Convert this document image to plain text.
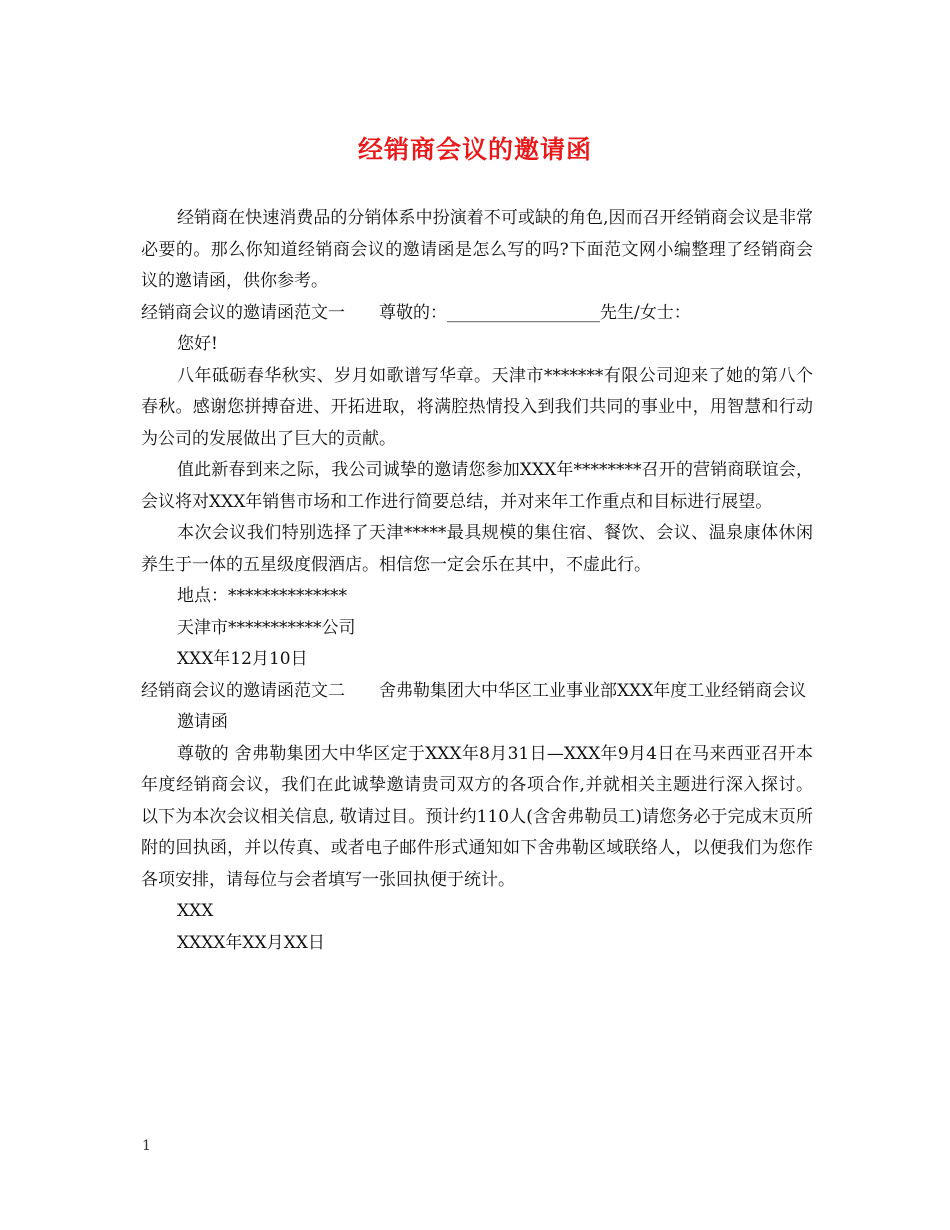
经销商会议的邀请函

经销商在快速消费品的分销体系中扮演着不可或缺的角色,因而召开经销商会议是非常必要的。那么你知道经销商会议的邀请函是怎么写的吗?下面范文网小编整理了经销商会议的邀请函，供你参考。

经销商会议的邀请函范文一 尊敬的：__________________先生/女士：

您好!

八年砥砺春华秋实、岁月如歌谱写华章。天津市*******有限公司迎来了她的第八个春秋。感谢您拼搏奋进、开拓进取，将满腔热情投入到我们共同的事业中，用智慧和行动为公司的发展做出了巨大的贡献。

值此新春到来之际，我公司诚挚的邀请您参加XXX年********召开的营销商联谊会，会议将对XXX年销售市场和工作进行简要总结，并对来年工作重点和目标进行展望。

本次会议我们特别选择了天津*****最具规模的集住宿、餐饮、会议、温泉康体休闲养生于一体的五星级度假酒店。相信您一定会乐在其中，不虚此行。

地点：**************

天津市***********公司

XXX年12月10日

经销商会议的邀请函范文二 舍弗勒集团大中华区工业事业部XXX年度工业经销商会议

邀请函

尊敬的 舍弗勒集团大中华区定于XXX年8月31日—XXX年9月4日在马来西亚召开本年度经销商会议，我们在此诚挚邀请贵司双方的各项合作,并就相关主题进行深入探讨。 以下为本次会议相关信息, 敬请过目。预计约110人(含舍弗勒员工)请您务必于完成末页所附的回执函，并以传真、或者电子邮件形式通知如下舍弗勒区域联络人，以便我们为您作各项安排，请每位与会者填写一张回执便于统计。

XXX

XXXX年XX月XX日

1
